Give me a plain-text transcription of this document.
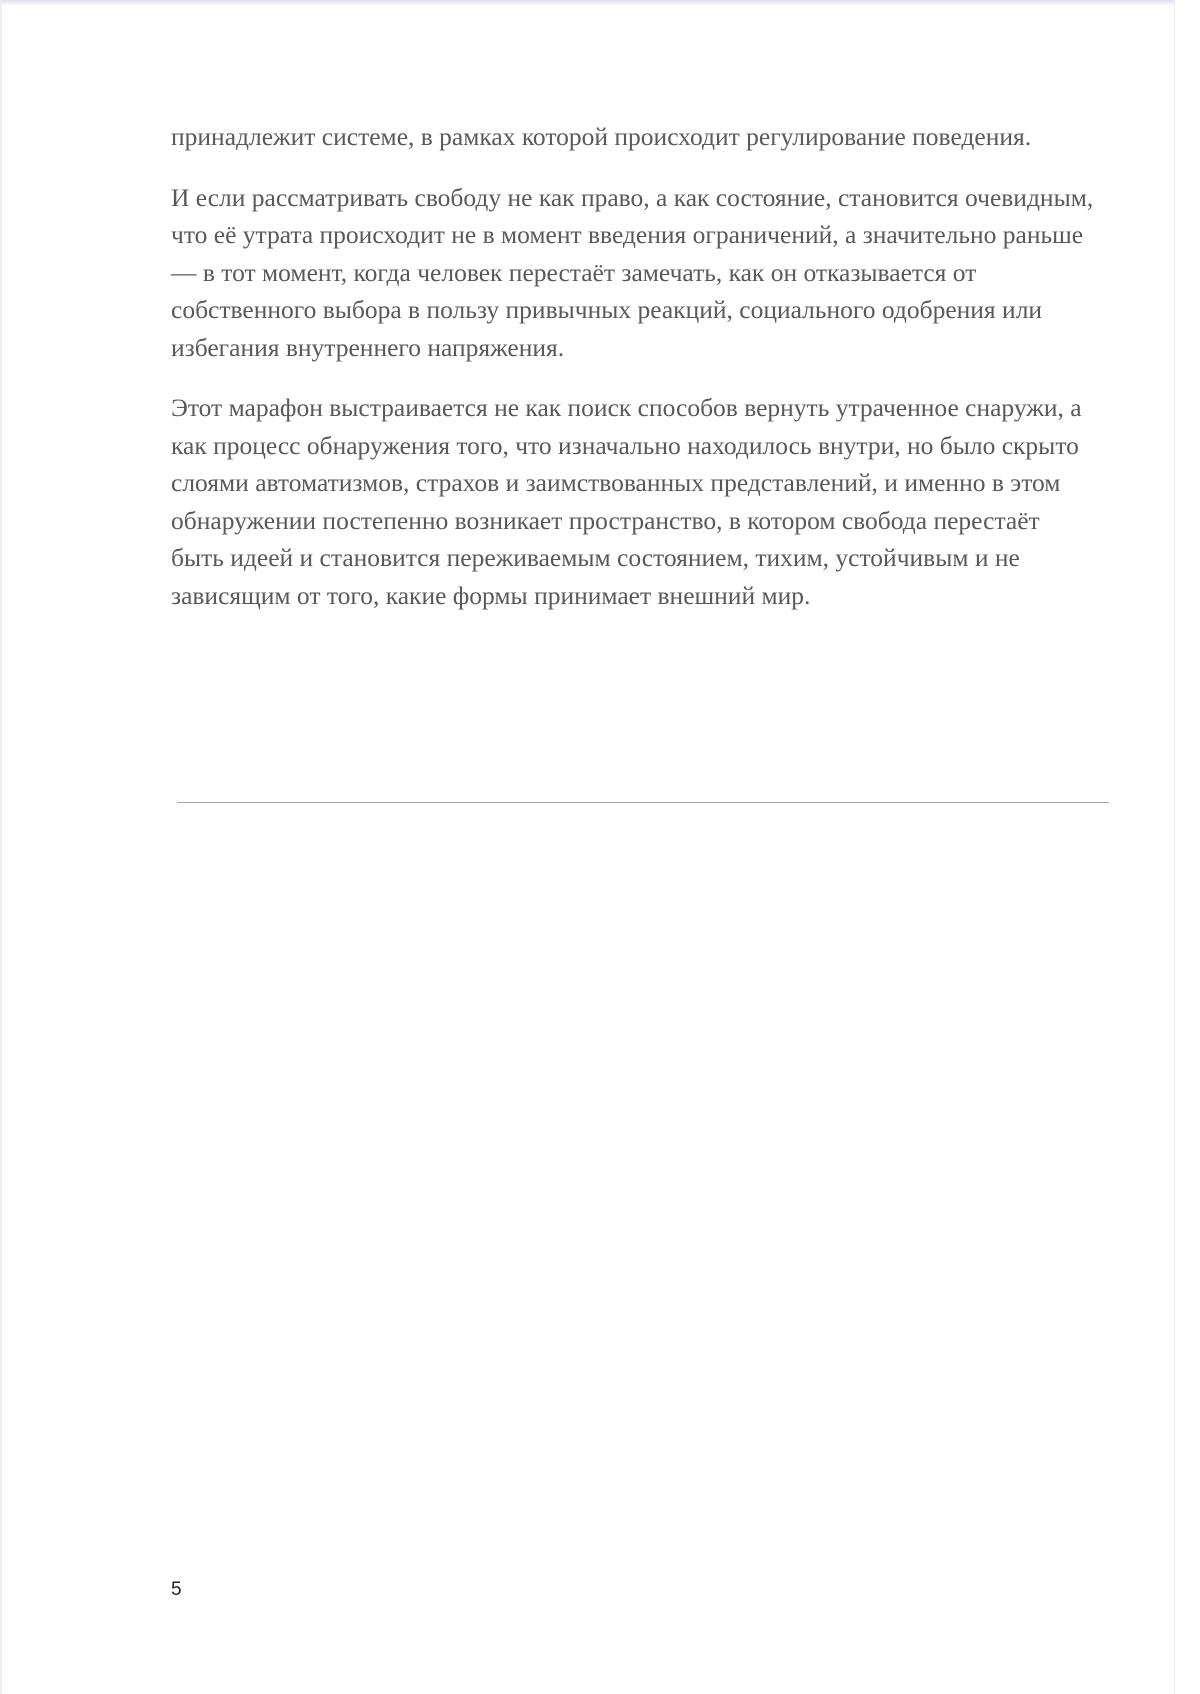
принадлежит системе, в рамках которой происходит регулирование поведения.

И если рассматривать свободу не как право, а как состояние, становится очевидным, что её утрата происходит не в момент введения ограничений, а значительно раньше — в тот момент, когда человек перестаёт замечать, как он отказывается от собственного выбора в пользу привычных реакций, социального одобрения или избегания внутреннего напряжения.

Этот марафон выстраивается не как поиск способов вернуть утраченное снаружи, а как процесс обнаружения того, что изначально находилось внутри, но было скрыто слоями автоматизмов, страхов и заимствованных представлений, и именно в этом обнаружении постепенно возникает пространство, в котором свобода перестаёт быть идеей и становится переживаемым состоянием, тихим, устойчивым и не зависящим от того, какие формы принимает внешний мир.

5
